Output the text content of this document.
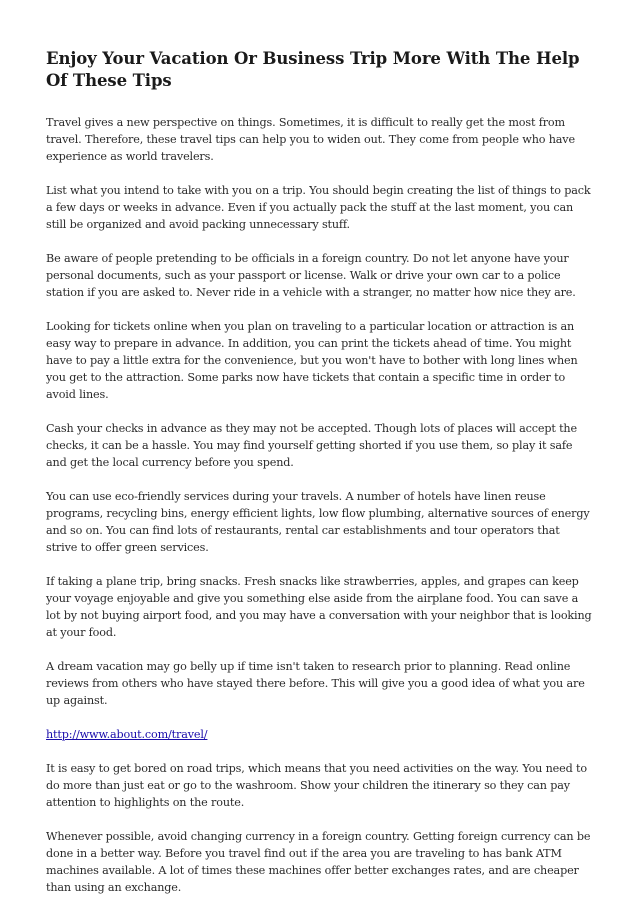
Enjoy Your Vacation Or Business Trip More With The Help Of These Tips

Travel gives a new perspective on things. Sometimes, it is difficult to really get the most from travel. Therefore, these travel tips can help you to widen out. They come from people who have experience as world travelers.

List what you intend to take with you on a trip. You should begin creating the list of things to pack a few days or weeks in advance. Even if you actually pack the stuff at the last moment, you can still be organized and avoid packing unnecessary stuff.

Be aware of people pretending to be officials in a foreign country. Do not let anyone have your personal documents, such as your passport or license. Walk or drive your own car to a police station if you are asked to. Never ride in a vehicle with a stranger, no matter how nice they are.

Looking for tickets online when you plan on traveling to a particular location or attraction is an easy way to prepare in advance. In addition, you can print the tickets ahead of time. You might have to pay a little extra for the convenience, but you won't have to bother with long lines when you get to the attraction. Some parks now have tickets that contain a specific time in order to avoid lines.

Cash your checks in advance as they may not be accepted. Though lots of places will accept the checks, it can be a hassle. You may find yourself getting shorted if you use them, so play it safe and get the local currency before you spend.

You can use eco-friendly services during your travels. A number of hotels have linen reuse programs, recycling bins, energy efficient lights, low flow plumbing, alternative sources of energy and so on. You can find lots of restaurants, rental car establishments and tour operators that strive to offer green services.

If taking a plane trip, bring snacks. Fresh snacks like strawberries, apples, and grapes can keep your voyage enjoyable and give you something else aside from the airplane food. You can save a lot by not buying airport food, and you may have a conversation with your neighbor that is looking at your food.

A dream vacation may go belly up if time isn't taken to research prior to planning. Read online reviews from others who have stayed there before. This will give you a good idea of what you are up against.

http://www.about.com/travel/

It is easy to get bored on road trips, which means that you need activities on the way. You need to do more than just eat or go to the washroom. Show your children the itinerary so they can pay attention to highlights on the route.

Whenever possible, avoid changing currency in a foreign country. Getting foreign currency can be done in a better way. Before you travel find out if the area you are traveling to has bank ATM machines available. A lot of times these machines offer better exchanges rates, and are cheaper than using an exchange.
